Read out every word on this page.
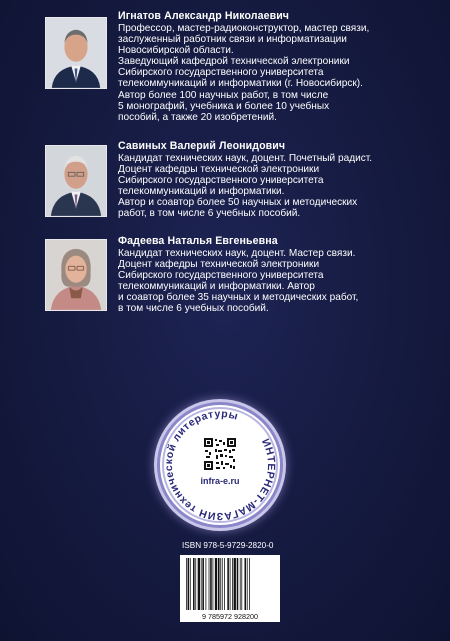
Игнатов Александр Николаевич
Профессор, мастер-радиоконструктор, мастер связи,
заслуженный работник связи и информатизации
Новосибирской области.
Заведующий кафедрой технической электроники
Сибирского государственного университета
телекоммуникаций и информатики (г. Новосибирск).
Автор более 100 научных работ, в том числе
5 монографий, учебника и более 10 учебных
пособий, а также 20 изобретений.
Савиных Валерий Леонидович
Кандидат технических наук, доцент. Почетный радист.
Доцент кафедры технической электроники
Сибирского государственного университета
телекоммуникаций и информатики.
Автор и соавтор более 50 научных и методических
работ, в том числе 6 учебных пособий.
Фадеева Наталья Евгеньевна
Кандидат технических наук, доцент. Мастер связи.
Доцент кафедры технической электроники
Сибирского государственного университета
телекоммуникаций и информатики. Автор
и соавтор более 35 научных и методических работ,
в том числе 6 учебных пособий.
ИНТЕРНЕТ-МАГАЗИН технической литературы
infra-e.ru
ISBN 978-5-9729-2820-0
9 785972 928200
